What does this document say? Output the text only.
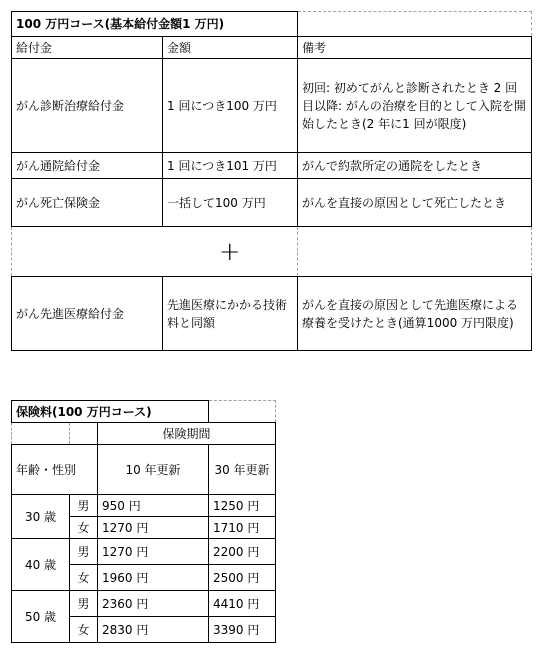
100 万円コース(基本給付金額1 万円)		
給付金	金額	備考
がん診断治療給付金	1 回につき100 万円	初回: 初めてがんと診断されたとき 2 回目以降: がんの治療を目的として入院を開始したとき(2 年に1 回が限度)
がん通院給付金	1 回につき101 万円	がんで約款所定の通院をしたとき
がん死亡保険金	一括して100 万円	がんを直接の原因として死亡したとき
	+	
がん先進医療給付金	先進医療にかかる技術料と同額	がんを直接の原因として先進医療による療養を受けたとき(通算1000 万円限度)
保険料(100 万円コース)			
		保険期間	
年齢・性別		10 年更新	30 年更新
30 歳	男	950 円	1250 円
	女	1270 円	1710 円
40 歳	男	1270 円	2200 円
	女	1960 円	2500 円
50 歳	男	2360 円	4410 円
	女	2830 円	3390 円
